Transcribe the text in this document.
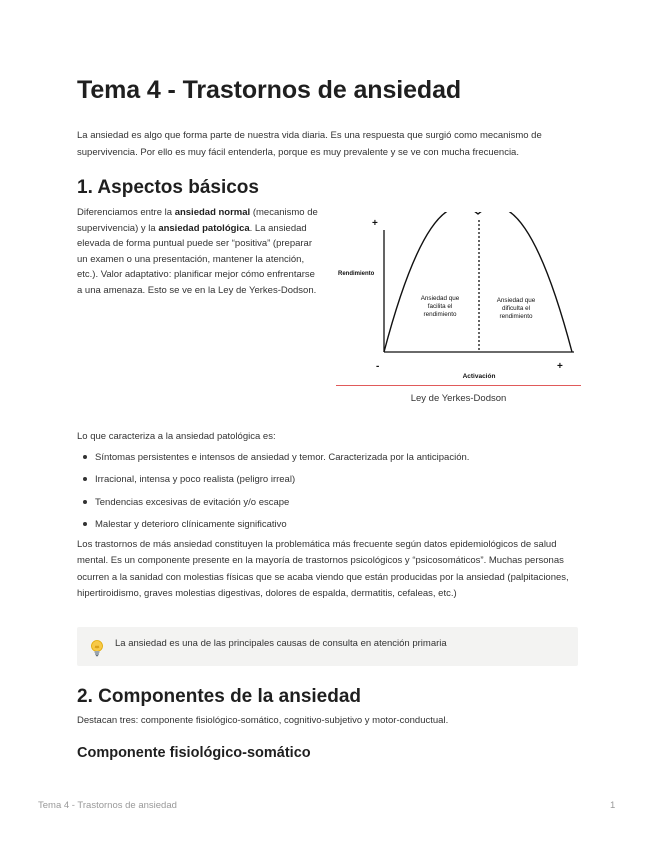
Tema 4 - Trastornos de ansiedad

La ansiedad es algo que forma parte de nuestra vida diaria. Es una respuesta que surgió como mecanismo de supervivencia. Por ello es muy fácil entenderla, porque es muy prevalente y se ve con mucha frecuencia.

1. Aspectos básicos

Diferenciamos entre la ansiedad normal (mecanismo de supervivencia) y la ansiedad patológica. La ansiedad elevada de forma puntual puede ser “positiva” (preparar un examen o una presentación, mantener la atención, etc.). Valor adaptativo: planificar mejor cómo enfrentarse a una amenaza. Esto se ve en la Ley de Yerkes-Dodson.

+
Rendimiento
-	+
Activación
Ansiedad que
facilita el
rendimiento
Ansiedad que
dificulta el
rendimiento
Ley de Yerkes-Dodson

Lo que caracteriza a la ansiedad patológica es:

Síntomas persistentes e intensos de ansiedad y temor. Caracterizada por la anticipación.
Irracional, intensa y poco realista (peligro irreal)
Tendencias excesivas de evitación y/o escape
Malestar y deterioro clínicamente significativo

Los trastornos de más ansiedad constituyen la problemática más frecuente según datos epidemiológicos de salud mental. Es un componente presente en la mayoría de trastornos psicológicos y “psicosomáticos”. Muchas personas ocurren a la sanidad con molestias físicas que se acaba viendo que están producidas por la ansiedad (palpitaciones, hipertiroidismo, graves molestias digestivas, dolores de espalda, dermatitis, cefaleas, etc.)

La ansiedad es una de las principales causas de consulta en atención primaria
2. Componentes de la ansiedad

Destacan tres: componente fisiológico-somático, cognitivo-subjetivo y motor-conductual.

Componente fisiológico-somático
Tema 4 - Trastornos de ansiedad	1
